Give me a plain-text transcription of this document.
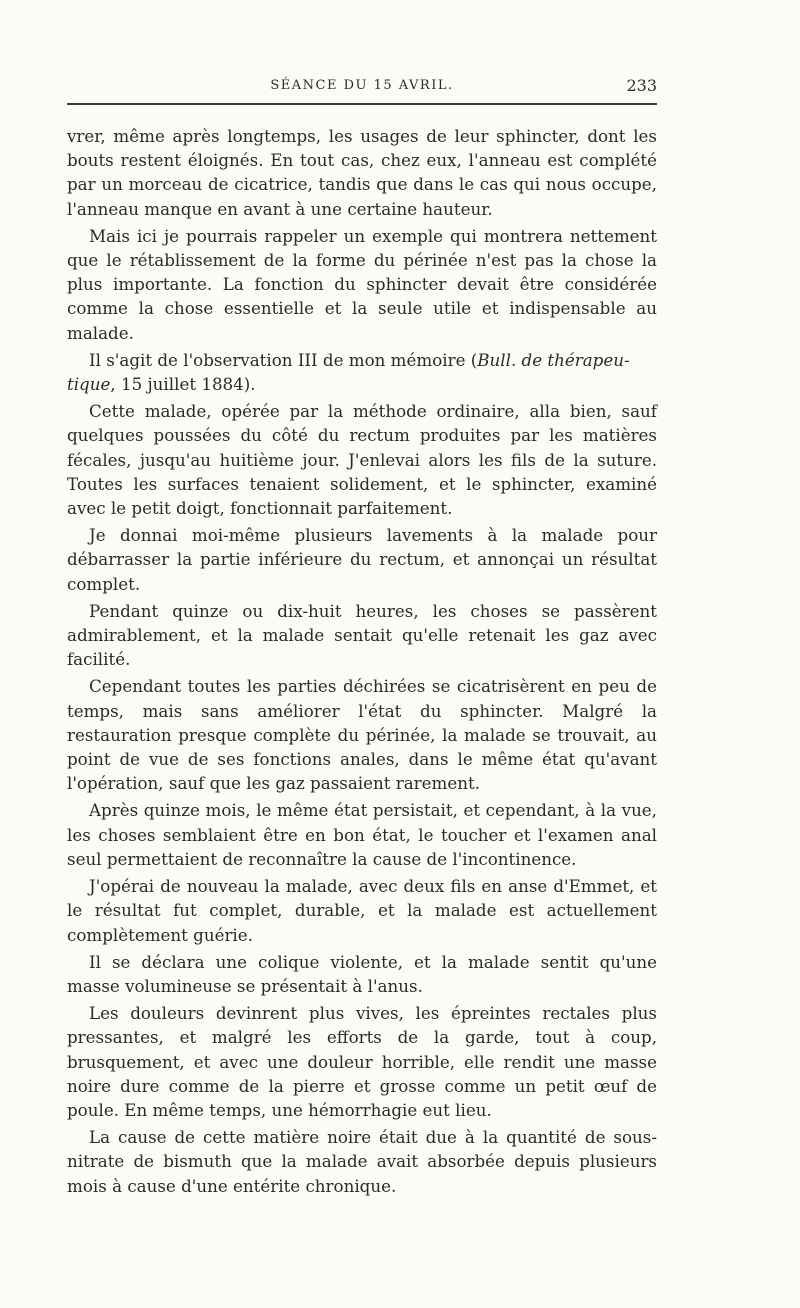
SÉANCE DU 15 AVRIL.	233

vrer, même après longtemps, les usages de leur sphincter, dont les bouts restent éloignés. En tout cas, chez eux, l'anneau est complété par un morceau de cicatrice, tandis que dans le cas qui nous occupe, l'anneau manque en avant à une certaine hauteur.

Mais ici je pourrais rappeler un exemple qui montrera nettement que le rétablissement de la forme du périnée n'est pas la chose la plus importante. La fonction du sphincter devait être considérée comme la chose essentielle et la seule utile et indispensable au malade.

Il s'agit de l'observation III de mon mémoire (Bull. de thérapeu-
tique, 15 juillet 1884).

Cette malade, opérée par la méthode ordinaire, alla bien, sauf quelques poussées du côté du rectum produites par les matières fécales, jusqu'au huitième jour. J'enlevai alors les fils de la suture. Toutes les surfaces tenaient solidement, et le sphincter, examiné avec le petit doigt, fonctionnait parfaitement.

Je donnai moi-même plusieurs lavements à la malade pour débarrasser la partie inférieure du rectum, et annonçai un résultat complet.

Pendant quinze ou dix-huit heures, les choses se passèrent admirablement, et la malade sentait qu'elle retenait les gaz avec facilité.

Cependant toutes les parties déchirées se cicatrisèrent en peu de temps, mais sans améliorer l'état du sphincter. Malgré la restauration presque complète du périnée, la malade se trouvait, au point de vue de ses fonctions anales, dans le même état qu'avant l'opération, sauf que les gaz passaient rarement.

Après quinze mois, le même état persistait, et cependant, à la vue, les choses semblaient être en bon état, le toucher et l'examen anal seul permettaient de reconnaître la cause de l'incontinence.

J'opérai de nouveau la malade, avec deux fils en anse d'Emmet, et le résultat fut complet, durable, et la malade est actuellement complètement guérie.

Il se déclara une colique violente, et la malade sentit qu'une masse volumineuse se présentait à l'anus.

Les douleurs devinrent plus vives, les épreintes rectales plus pressantes, et malgré les efforts de la garde, tout à coup, brusquement, et avec une douleur horrible, elle rendit une masse noire dure comme de la pierre et grosse comme un petit œuf de poule. En même temps, une hémorrhagie eut lieu.

La cause de cette matière noire était due à la quantité de sous-nitrate de bismuth que la malade avait absorbée depuis plusieurs mois à cause d'une entérite chronique.
